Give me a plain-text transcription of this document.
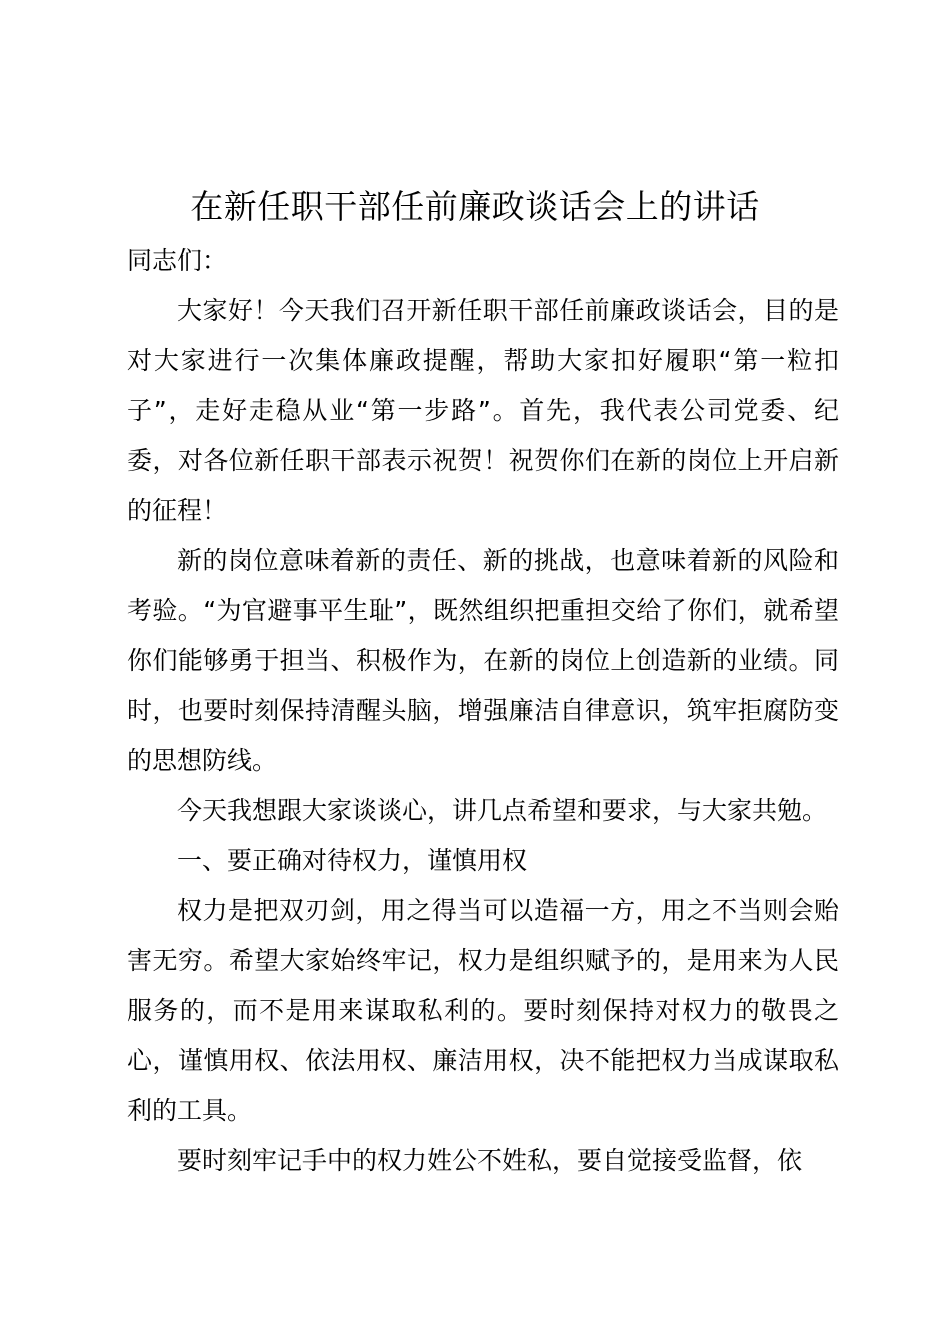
在新任职干部任前廉政谈话会上的讲话

同志们：

大家好！今天我们召开新任职干部任前廉政谈话会，目的是对大家进行一次集体廉政提醒，帮助大家扣好履职“第一粒扣子”，走好走稳从业“第一步路”。首先，我代表公司党委、纪委，对各位新任职干部表示祝贺！祝贺你们在新的岗位上开启新的征程！

新的岗位意味着新的责任、新的挑战，也意味着新的风险和考验。“为官避事平生耻”，既然组织把重担交给了你们，就希望你们能够勇于担当、积极作为，在新的岗位上创造新的业绩。同时，也要时刻保持清醒头脑，增强廉洁自律意识，筑牢拒腐防变的思想防线。

今天我想跟大家谈谈心，讲几点希望和要求，与大家共勉。

一、要正确对待权力，谨慎用权

权力是把双刃剑，用之得当可以造福一方，用之不当则会贻害无穷。希望大家始终牢记，权力是组织赋予的，是用来为人民服务的，而不是用来谋取私利的。要时刻保持对权力的敬畏之心，谨慎用权、依法用权、廉洁用权，决不能把权力当成谋取私利的工具。

要时刻牢记手中的权力姓公不姓私，要自觉接受监督，依
